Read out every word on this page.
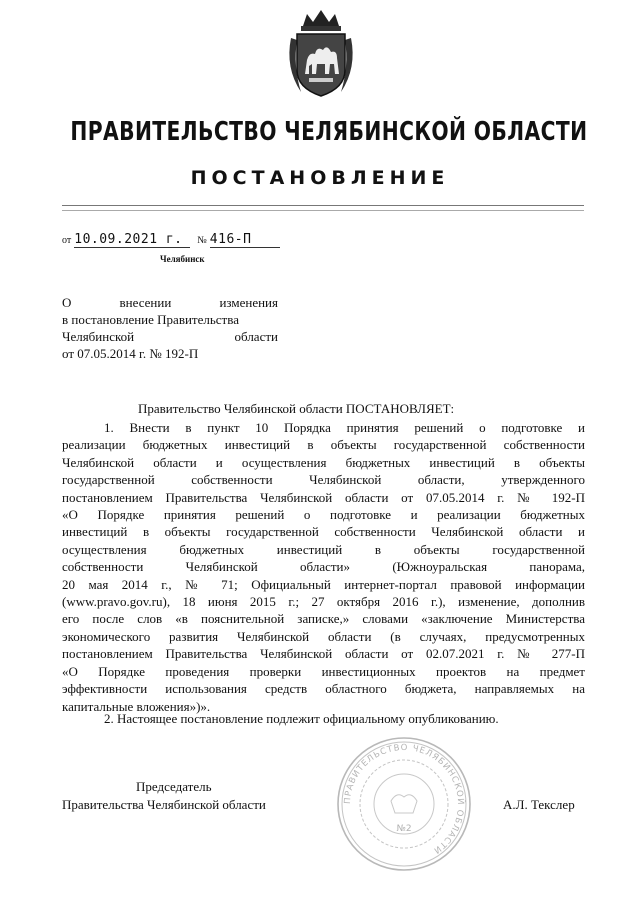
ПРАВИТЕЛЬСТВО ЧЕЛЯБИНСКОЙ ОБЛАСТИ
ПОСТАНОВЛЕНИЕ
от 10.09.2021 г. № 416-П
Челябинск
О внесении изменения
в постановление Правительства
Челябинской области
от 07.05.2014 г. № 192-П
Правительство Челябинской области ПОСТАНОВЛЯЕТ:
1. Внести в пункт 10 Порядка принятия решений о подготовке и
реализации бюджетных инвестиций в объекты государственной собственности
Челябинской области и осуществления бюджетных инвестиций в объекты
государственной собственности Челябинской области, утвержденного
постановлением Правительства Челябинской области от 07.05.2014 г. № 192-П
«О Порядке принятия решений о подготовке и реализации бюджетных
инвестиций в объекты государственной собственности Челябинской области и
осуществления бюджетных инвестиций в объекты государственной
собственности Челябинской области» (Южноуральская панорама,
20 мая 2014 г., № 71; Официальный интернет-портал правовой информации
(www.pravo.gov.ru), 18 июня 2015 г.; 27 октября 2016 г.), изменение, дополнив
его после слов «в пояснительной записке,» словами «заключение Министерства
экономического развития Челябинской области (в случаях, предусмотренных
постановлением Правительства Челябинской области от 02.07.2021 г. № 277-П
«О Порядке проведения проверки инвестиционных проектов на предмет
эффективности использования средств областного бюджета, направляемых на
капитальные вложения»)».
2. Настоящее постановление подлежит официальному опубликованию.
Председатель
Правительства Челябинской области	А.Л. Текслер
ПРАВИТЕЛЬСТВО ЧЕЛЯБИНСКОЙ ОБЛАСТИ
№2
